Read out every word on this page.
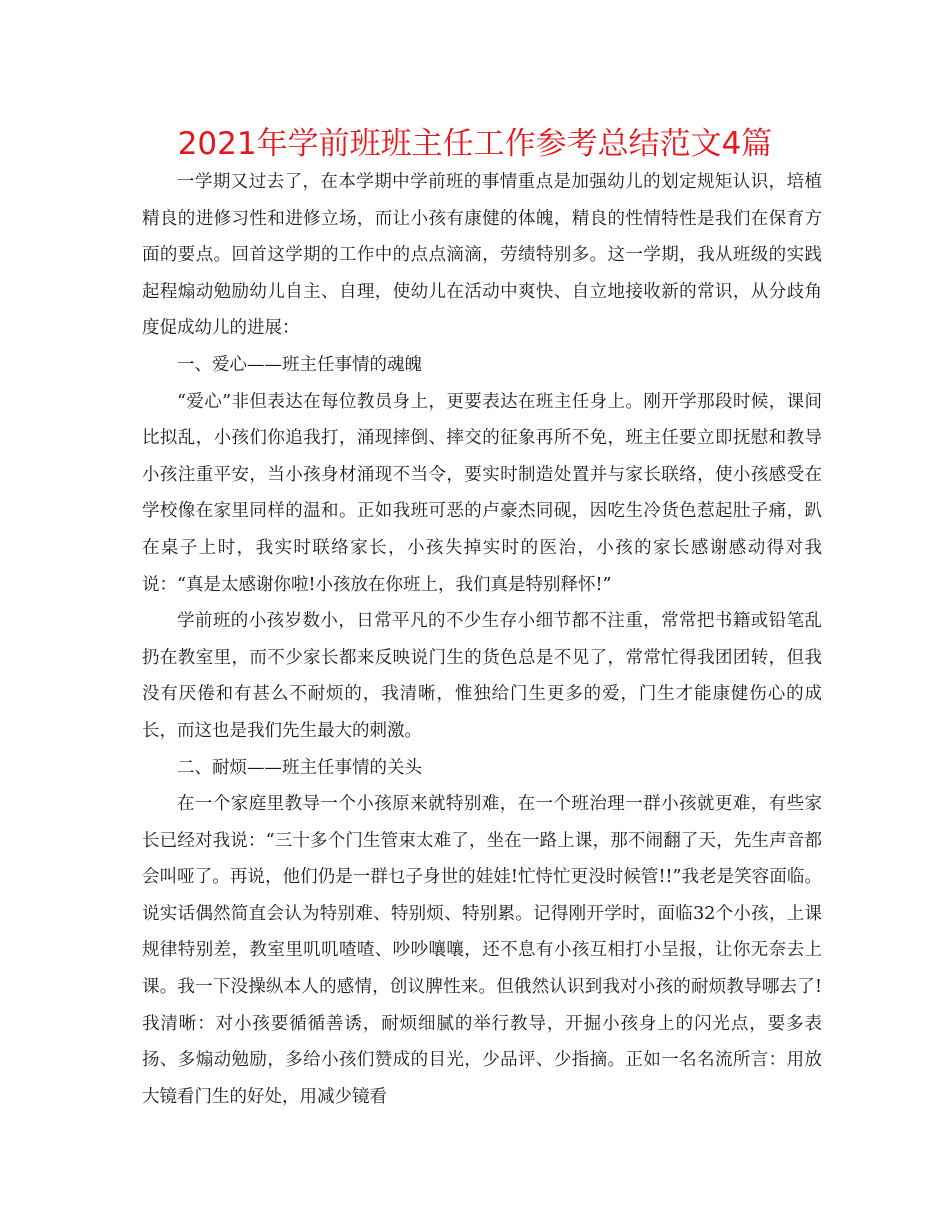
2021年学前班班主任工作参考总结范文4篇

一学期又过去了，在本学期中学前班的事情重点是加强幼儿的划定规矩认识，培植精良的进修习性和进修立场，而让小孩有康健的体魄，精良的性情特性是我们在保育方面的要点。回首这学期的工作中的点点滴滴，劳绩特别多。这一学期，我从班级的实践起程煽动勉励幼儿自主、自理，使幼儿在活动中爽快、自立地接收新的常识，从分歧角度促成幼儿的进展：

一、爱心——班主任事情的魂魄

“爱心”非但表达在每位教员身上，更要表达在班主任身上。刚开学那段时候，课间比拟乱，小孩们你追我打，涌现摔倒、摔交的征象再所不免，班主任要立即抚慰和教导小孩注重平安，当小孩身材涌现不当令，要实时制造处置并与家长联络，使小孩感受在学校像在家里同样的温和。正如我班可恶的卢豪杰同砚，因吃生冷货色惹起肚子痛，趴在桌子上时，我实时联络家长，小孩失掉实时的医治，小孩的家长感谢感动得对我说：“真是太感谢你啦!小孩放在你班上，我们真是特别释怀!”

学前班的小孩岁数小，日常平凡的不少生存小细节都不注重，常常把书籍或铅笔乱扔在教室里，而不少家长都来反映说门生的货色总是不见了，常常忙得我团团转，但我没有厌倦和有甚么不耐烦的，我清晰，惟独给门生更多的爱，门生才能康健伤心的成长，而这也是我们先生最大的刺激。

二、耐烦——班主任事情的关头

在一个家庭里教导一个小孩原来就特别难，在一个班治理一群小孩就更难，有些家长已经对我说：“三十多个门生管束太难了，坐在一路上课，那不闹翻了天，先生声音都会叫哑了。再说，他们仍是一群乜子身世的娃娃!忙恃忙更没时候管!!”我老是笑容面临。说实话偶然简直会认为特别难、特别烦、特别累。记得刚开学时，面临32个小孩，上课规律特别差，教室里叽叽喳喳、吵吵嚷嚷，还不息有小孩互相打小呈报，让你无奈去上课。我一下没操纵本人的感情，创议脾性来。但俄然认识到我对小孩的耐烦教导哪去了!我清晰：对小孩要循循善诱，耐烦细腻的举行教导，开掘小孩身上的闪光点，要多表扬、多煽动勉励，多给小孩们赞成的目光，少品评、少指摘。正如一名名流所言：用放大镜看门生的好处，用减少镜看
